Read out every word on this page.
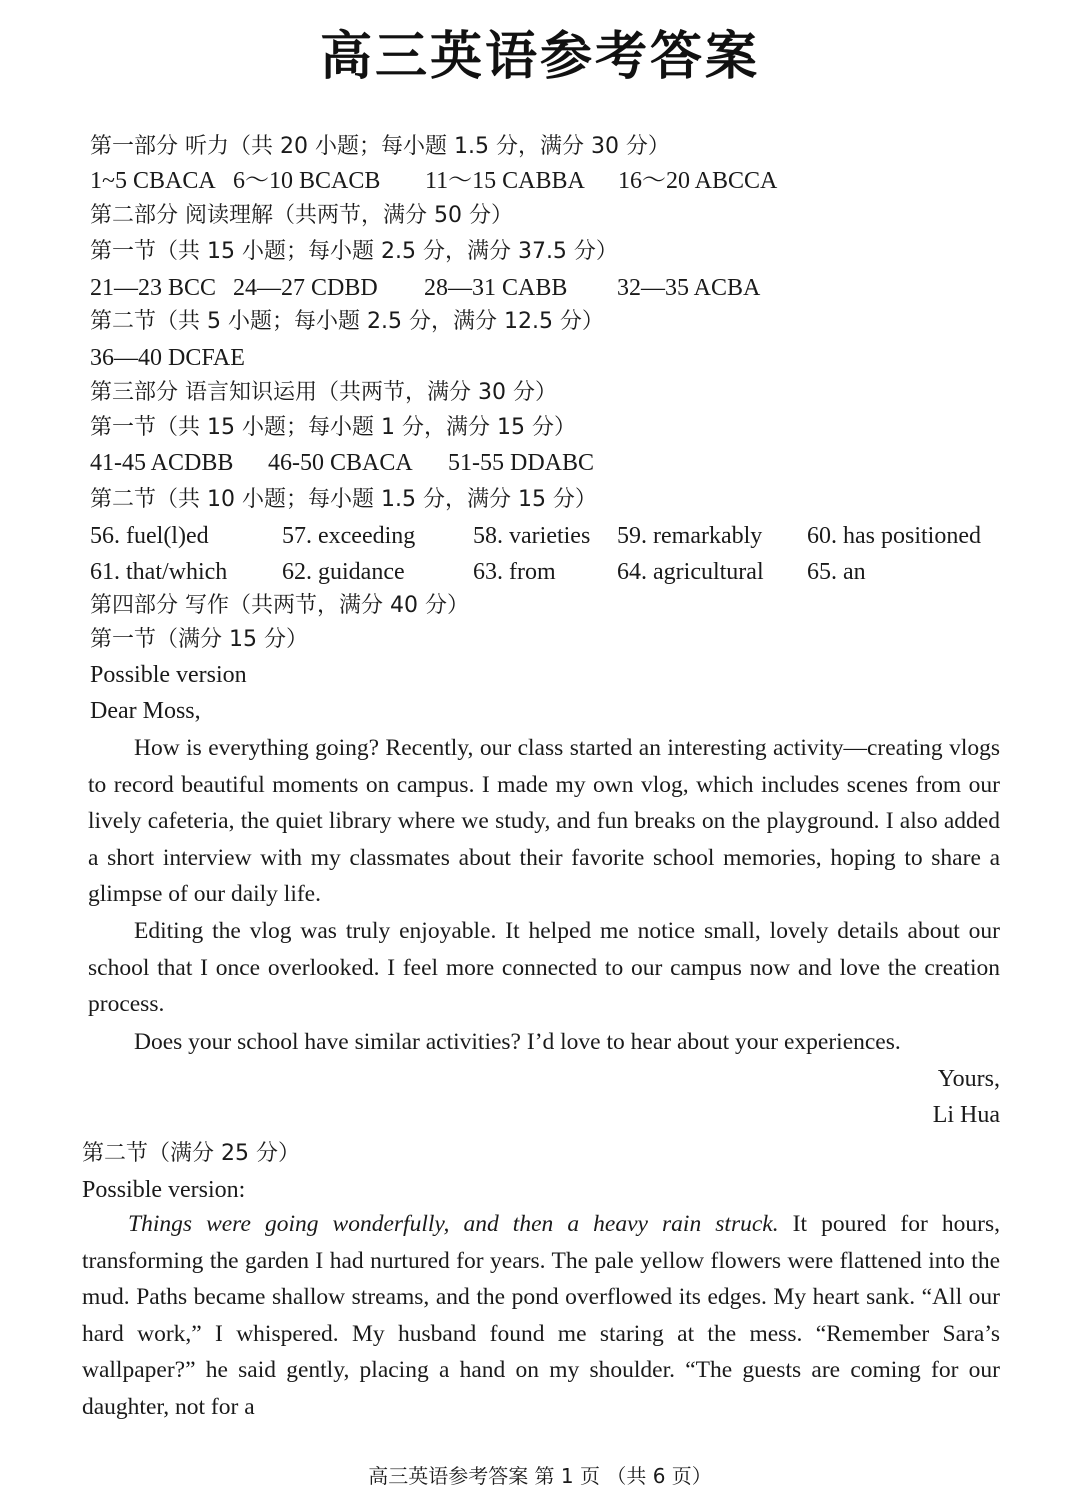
高三英语参考答案
第一部分 听力（共 20 小题；每小题 1.5 分，满分 30 分）
1~5 CBACA 6～10 BCACB 11～15 CABBA 16～20 ABCCA
第二部分 阅读理解（共两节，满分 50 分）
第一节（共 15 小题；每小题 2.5 分，满分 37.5 分）
21—23 BCC 24—27 CDBD 28—31 CABB 32—35 ACBA
第二节（共 5 小题；每小题 2.5 分，满分 12.5 分）
36—40 DCFAE
第三部分 语言知识运用（共两节，满分 30 分）
第一节（共 15 小题；每小题 1 分，满分 15 分）
41-45 ACDBB 46-50 CBACA 51-55 DDABC
第二节（共 10 小题；每小题 1.5 分，满分 15 分）
56. fuel(l)ed	57. exceeding 58. varieties 59. remarkably 60. has positioned
61. that/which 62. guidance	63. from	64. agricultural 65. an
第四部分 写作（共两节，满分 40 分）
第一节（满分 15 分）
Possible version
Dear Moss,

How is everything going? Recently, our class started an interesting activity—creating vlogs to record beautiful moments on campus. I made my own vlog, which includes scenes from our lively cafeteria, the quiet library where we study, and fun breaks on the playground. I also added a short interview with my classmates about their favorite school memories, hoping to share a glimpse of our daily life.

Editing the vlog was truly enjoyable. It helped me notice small, lovely details about our school that I once overlooked. I feel more connected to our campus now and love the creation process.

Does your school have similar activities? I’d love to hear about your experiences.

Yours,
Li Hua
第二节（满分 25 分）
Possible version:

Things were going wonderfully, and then a heavy rain struck. It poured for hours, transforming the garden I had nurtured for years. The pale yellow flowers were flattened into the mud. Paths became shallow streams, and the pond overflowed its edges. My heart sank. “All our hard work,” I whispered. My husband found me staring at the mess. “Remember Sara’s wallpaper?” he said gently, placing a hand on my shoulder. “The guests are coming for our daughter, not for a

高三英语参考答案 第 1 页 （共 6 页）
